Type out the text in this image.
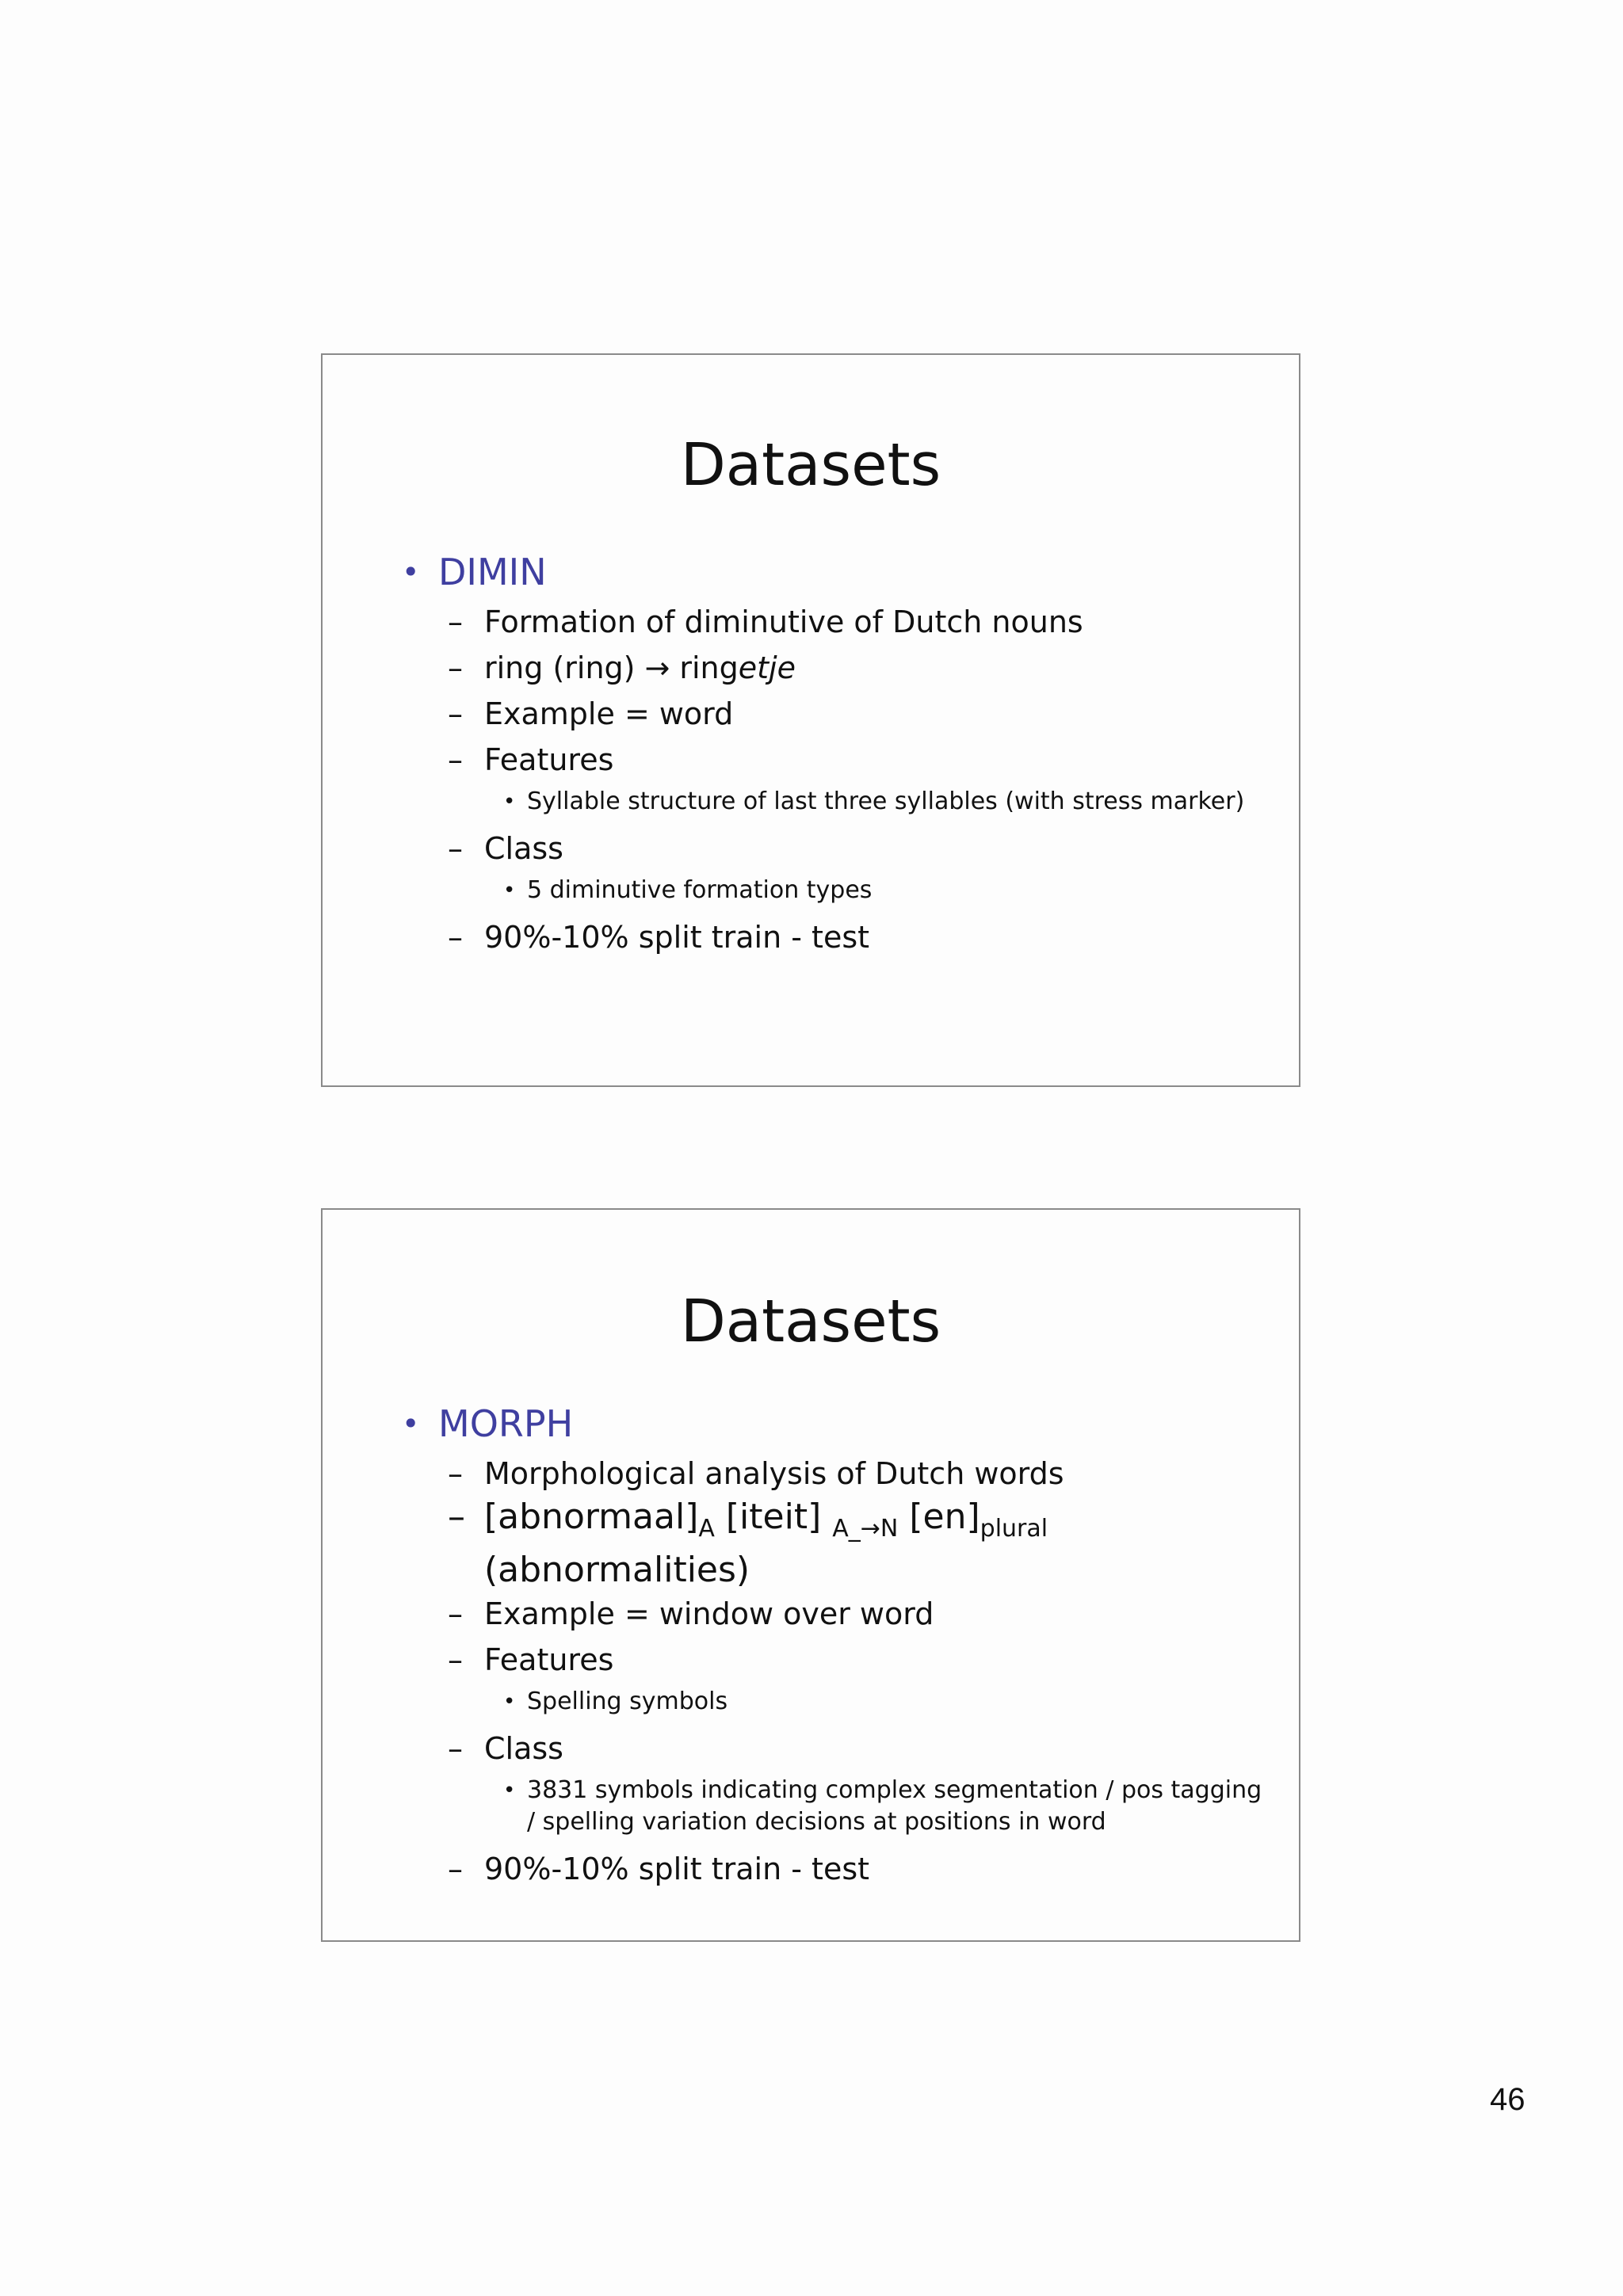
Datasets
• DIMIN
– Formation of diminutive of Dutch nouns
– ring (ring) → ringetje
– Example = word
– Features
• Syllable structure of last three syllables (with stress marker)
– Class
• 5 diminutive formation types
– 90%-10% split train - test
Datasets
• MORPH
– Morphological analysis of Dutch words
– $[abnormaal]_A$ [iteit] $_{A\_\to N}$ $[en]_{plural}$
(abnormalities)
– Example = window over word
– Features
• Spelling symbols
– Class
• 3831 symbols indicating complex segmentation / pos tagging / spelling variation decisions at positions in word
– 90%-10% split train - test
46
